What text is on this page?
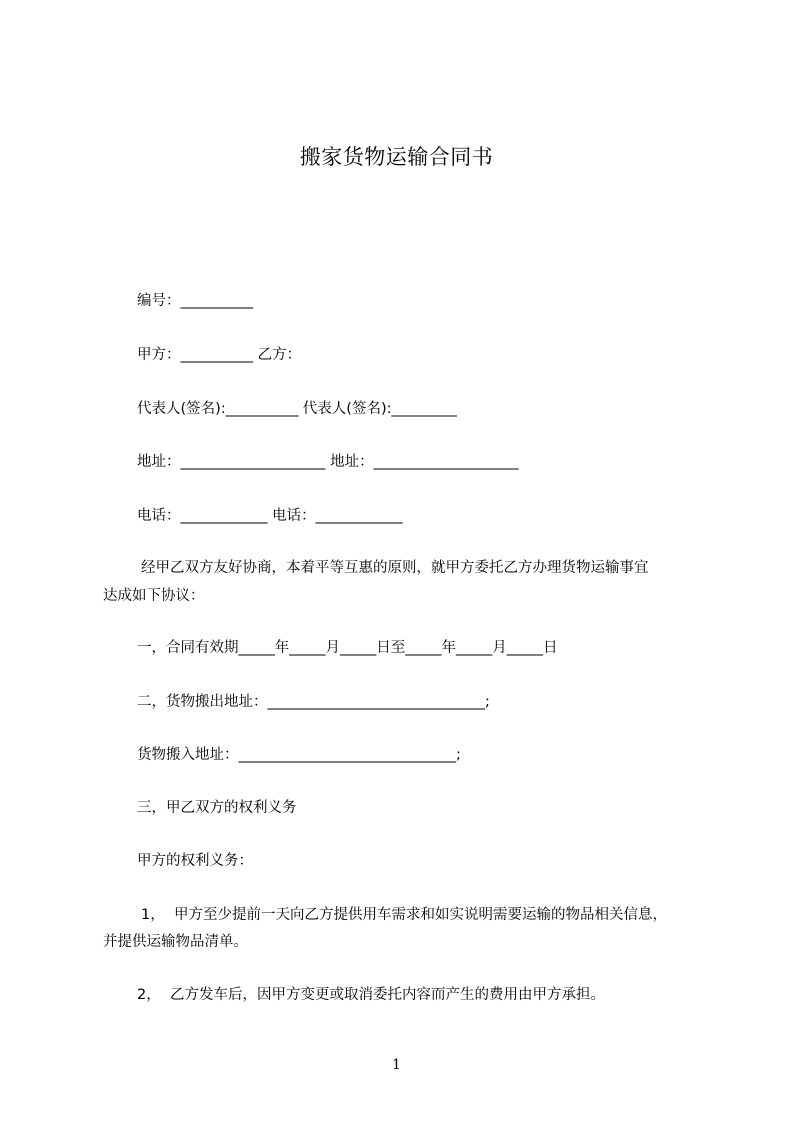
搬家货物运输合同书
编号：__________
甲方：__________ 乙方：
代表人(签名):__________ 代表人(签名):_________
地址：____________________ 地址：____________________
电话：____________ 电话：____________
经甲乙双方友好协商，本着平等互惠的原则，就甲方委托乙方办理货物运输事宜
达成如下协议：
一，合同有效期_____年_____月_____日至_____年_____月_____日
二，货物搬出地址：______________________________;
货物搬入地址：______________________________;
三，甲乙双方的权利义务
甲方的权利义务：
1，  甲方至少提前一天向乙方提供用车需求和如实说明需要运输的物品相关信息，
并提供运输物品清单。
2，  乙方发车后，因甲方变更或取消委托内容而产生的费用由甲方承担。
1
